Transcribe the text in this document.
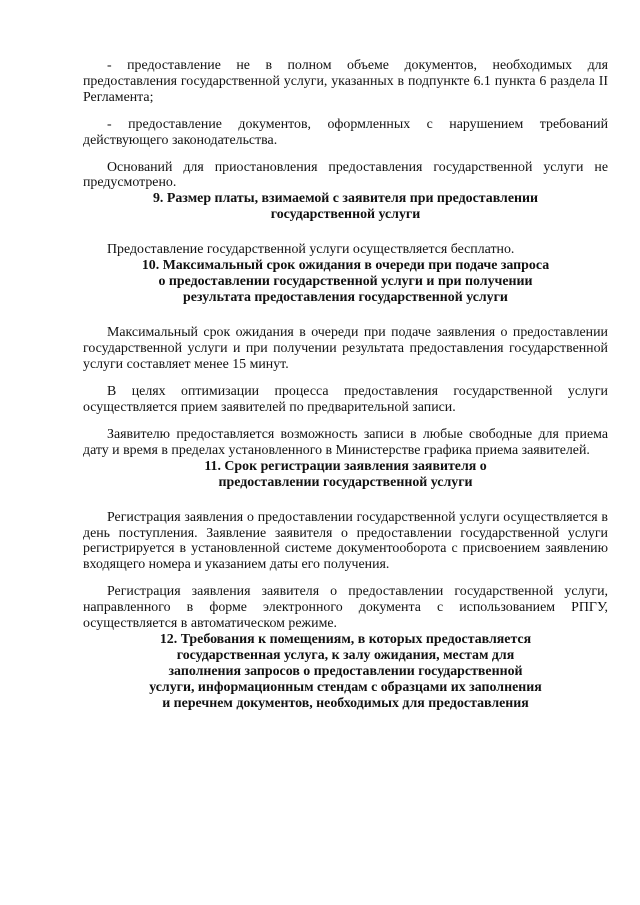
- предоставление не в полном объеме документов, необходимых для предоставления государственной услуги, указанных в подпункте 6.1 пункта 6 раздела II Регламента;

- предоставление документов, оформленных с нарушением требований действующего законодательства.

Оснований для приостановления предоставления государственной услуги не предусмотрено.

9. Размер платы, взимаемой с заявителя при предоставлении
государственной услуги

Предоставление государственной услуги осуществляется бесплатно.

10. Максимальный срок ожидания в очереди при подаче запроса
о предоставлении государственной услуги и при получении
результата предоставления государственной услуги

Максимальный срок ожидания в очереди при подаче заявления о предоставлении государственной услуги и при получении результата предоставления государственной услуги составляет менее 15 минут.

В целях оптимизации процесса предоставления государственной услуги осуществляется прием заявителей по предварительной записи.

Заявителю предоставляется возможность записи в любые свободные для приема дату и время в пределах установленного в Министерстве графика приема заявителей.

11. Срок регистрации заявления заявителя о
предоставлении государственной услуги

Регистрация заявления о предоставлении государственной услуги осуществляется в день поступления. Заявление заявителя о предоставлении государственной услуги регистрируется в установленной системе документооборота с присвоением заявлению входящего номера и указанием даты его получения.

Регистрация заявления заявителя о предоставлении государственной услуги, направленного в форме электронного документа с использованием РПГУ, осуществляется в автоматическом режиме.

12. Требования к помещениям, в которых предоставляется
государственная услуга, к залу ожидания, местам для
заполнения запросов о предоставлении государственной
услуги, информационным стендам с образцами их заполнения
и перечнем документов, необходимых для предоставления
